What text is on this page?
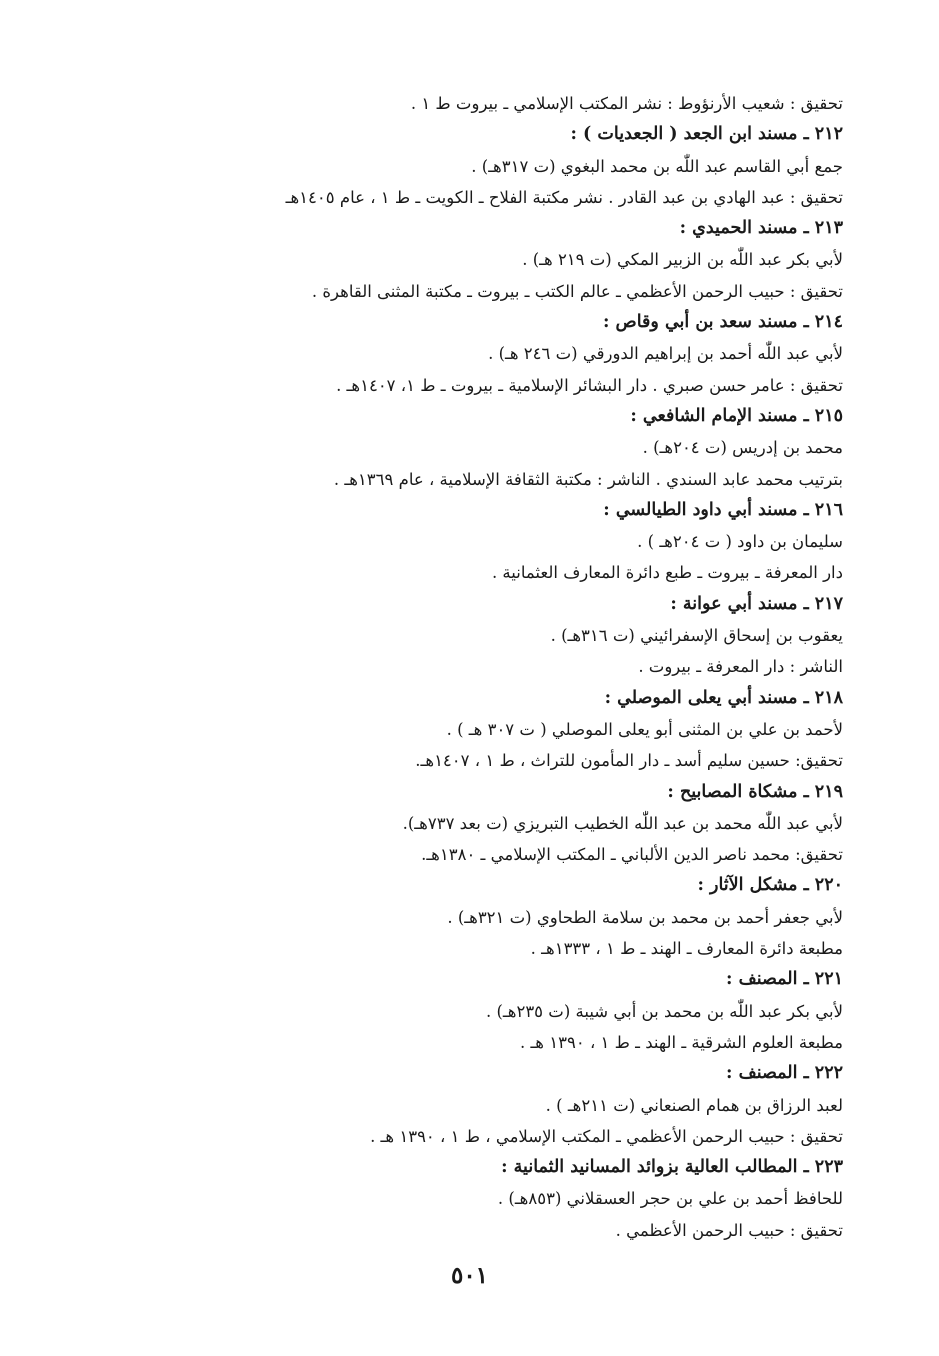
تحقيق : شعيب الأرنؤوط : نشر المكتب الإسلامي ـ بيروت ط ١ .
٢١٢ ـ مسند ابن الجعد ( الجعديات ) :
جمع أبي القاسم عبد اللّٰه بن محمد البغوي (ت ٣١٧هـ) .
تحقيق : عبد الهادي بن عبد القادر . نشر مكتبة الفلاح ـ الكويت ـ ط ١ ، عام ١٤٠٥هـ
٢١٣ ـ مسند الحميدي :
لأبي بكر عبد اللّٰه بن الزبير المكي (ت ٢١٩ هـ) .
تحقيق : حبيب الرحمن الأعظمي ـ عالم الكتب ـ بيروت ـ مكتبة المثنى القاهرة .
٢١٤ ـ مسند سعد بن أبي وقاص :
لأبي عبد اللّٰه أحمد بن إبراهيم الدورقي (ت ٢٤٦ هـ) .
تحقيق : عامر حسن صبري . دار البشائر الإسلامية ـ بيروت ـ ط ١، ١٤٠٧هـ .
٢١٥ ـ مسند الإمام الشافعي :
محمد بن إدريس (ت ٢٠٤هـ) .
بترتيب محمد عابد السندي . الناشر : مكتبة الثقافة الإسلامية ، عام ١٣٦٩هـ .
٢١٦ ـ مسند أبي داود الطيالسي :
سليمان بن داود ( ت ٢٠٤هـ ) .
دار المعرفة ـ بيروت ـ طبع دائرة المعارف العثمانية .
٢١٧ ـ مسند أبي عوانة :
يعقوب بن إسحاق الإسفرائيني (ت ٣١٦هـ) .
الناشر : دار المعرفة ـ بيروت .
٢١٨ ـ مسند أبي يعلى الموصلي :
لأحمد بن علي بن المثنى أبو يعلى الموصلي ( ت ٣٠٧ هـ ) .
تحقيق: حسين سليم أسد ـ دار المأمون للتراث ، ط ١ ، ١٤٠٧هـ.
٢١٩ ـ مشكاة المصابيح :
لأبي عبد اللّٰه محمد بن عبد اللّٰه الخطيب التبريزي (ت بعد ٧٣٧هـ).
تحقيق: محمد ناصر الدين الألباني ـ المكتب الإسلامي ـ ١٣٨٠هـ.
٢٢٠ ـ مشكل الآثار :
لأبي جعفر أحمد بن محمد بن سلامة الطحاوي (ت ٣٢١هـ) .
مطبعة دائرة المعارف ـ الهند ـ ط ١ ، ١٣٣٣هـ .
٢٢١ ـ المصنف :
لأبي بكر عبد اللّٰه بن محمد بن أبي شيبة (ت ٢٣٥هـ) .
مطبعة العلوم الشرقية ـ الهند ـ ط ١ ، ١٣٩٠ هـ .
٢٢٢ ـ المصنف :
لعبد الرزاق بن همام الصنعاني (ت ٢١١هـ ) .
تحقيق : حبيب الرحمن الأعظمي ـ المكتب الإسلامي ، ط ١ ، ١٣٩٠ هـ .
٢٢٣ ـ المطالب العالية بزوائد المسانيد الثمانية :
للحافظ أحمد بن علي بن حجر العسقلاني (٨٥٣هـ) .
تحقيق : حبيب الرحمن الأعظمي .
٥٠١
